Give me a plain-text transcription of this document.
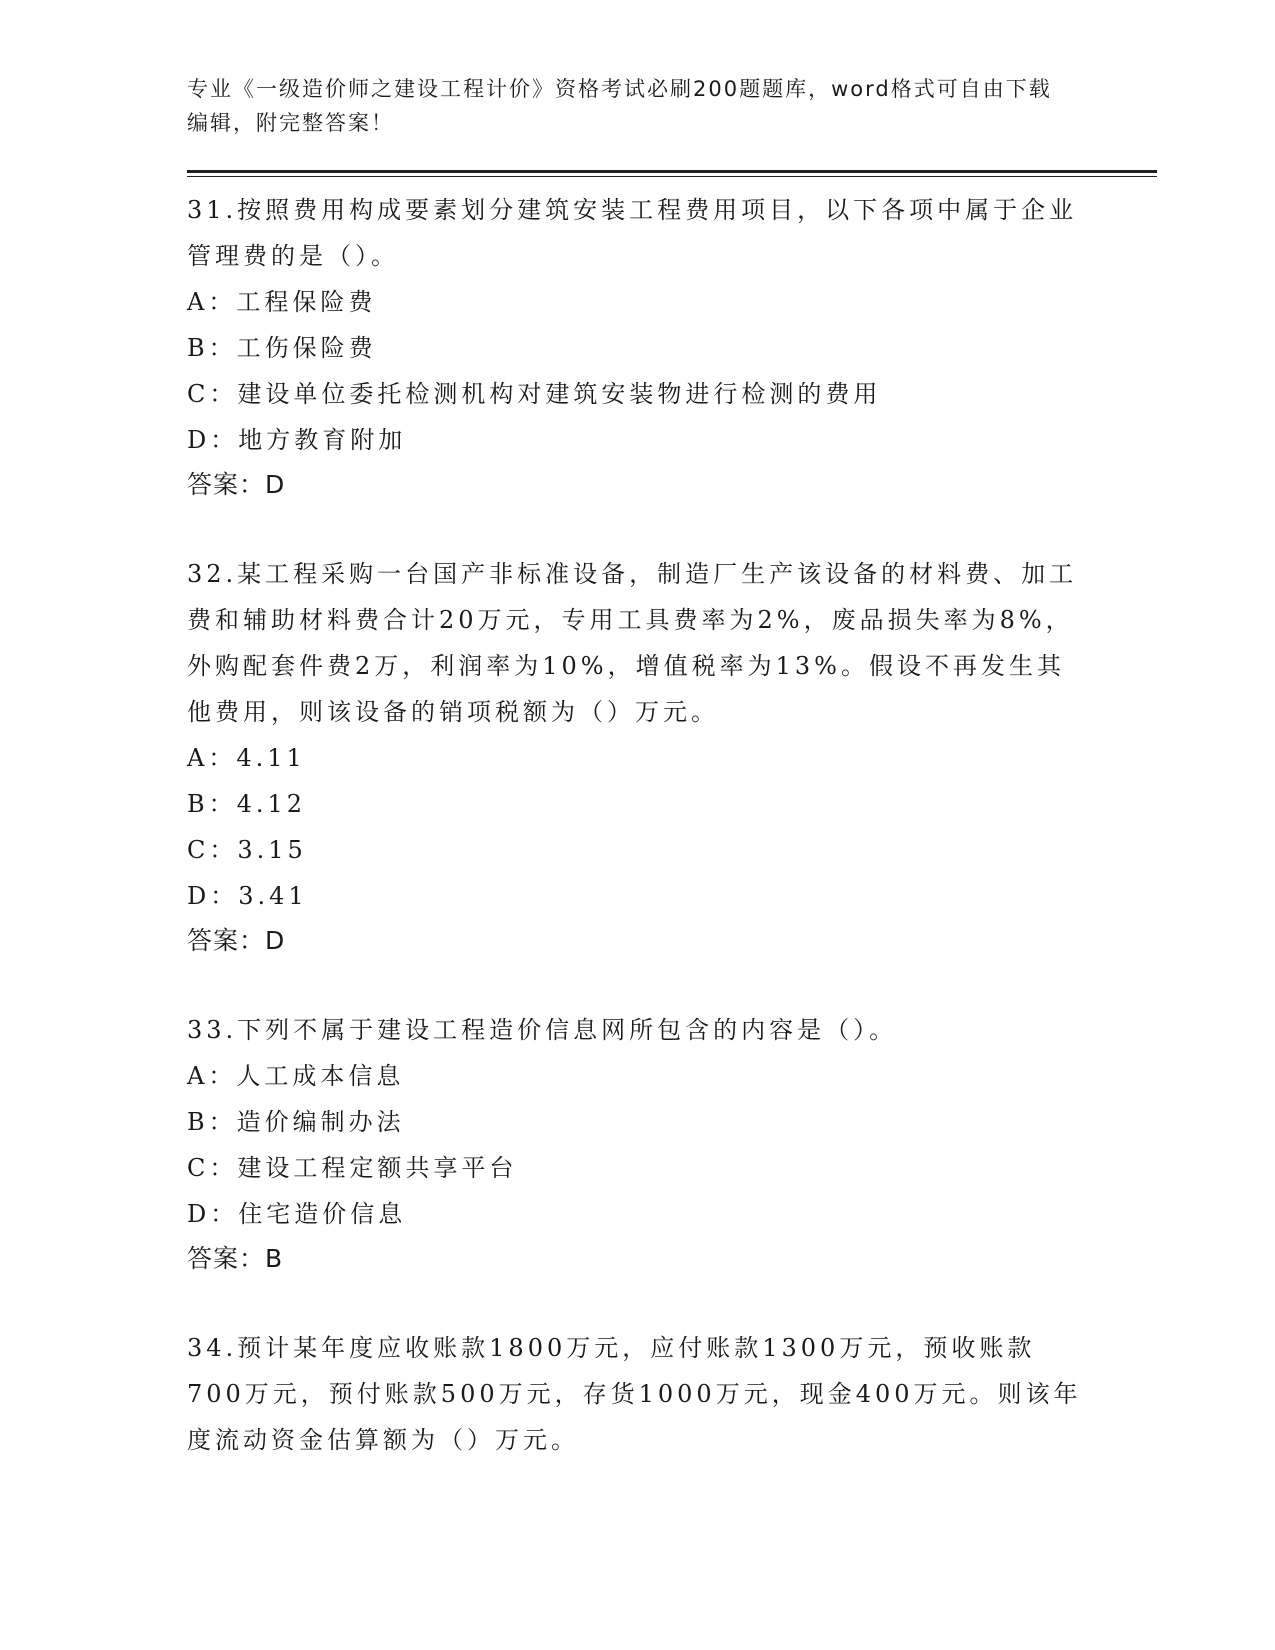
专业《一级造价师之建设工程计价》资格考试必刷200题题库，word格式可自由下载编辑，附完整答案！

31.按照费用构成要素划分建筑安装工程费用项目，以下各项中属于企业管理费的是（）。

A：工程保险费
B：工伤保险费
C：建设单位委托检测机构对建筑安装物进行检测的费用
D：地方教育附加

答案：D

32.某工程采购一台国产非标准设备，制造厂生产该设备的材料费、加工费和辅助材料费合计20万元，专用工具费率为2%，废品损失率为8%，外购配套件费2万，利润率为10%，增值税率为13%。假设不再发生其他费用，则该设备的销项税额为（）万元。

A：4.11
B：4.12
C：3.15
D：3.41

答案：D

33.下列不属于建设工程造价信息网所包含的内容是（）。

A：人工成本信息
B：造价编制办法
C：建设工程定额共享平台
D：住宅造价信息

答案：B

34.预计某年度应收账款1800万元，应付账款1300万元，预收账款700万元，预付账款500万元，存货1000万元，现金400万元。则该年度流动资金估算额为（）万元。
